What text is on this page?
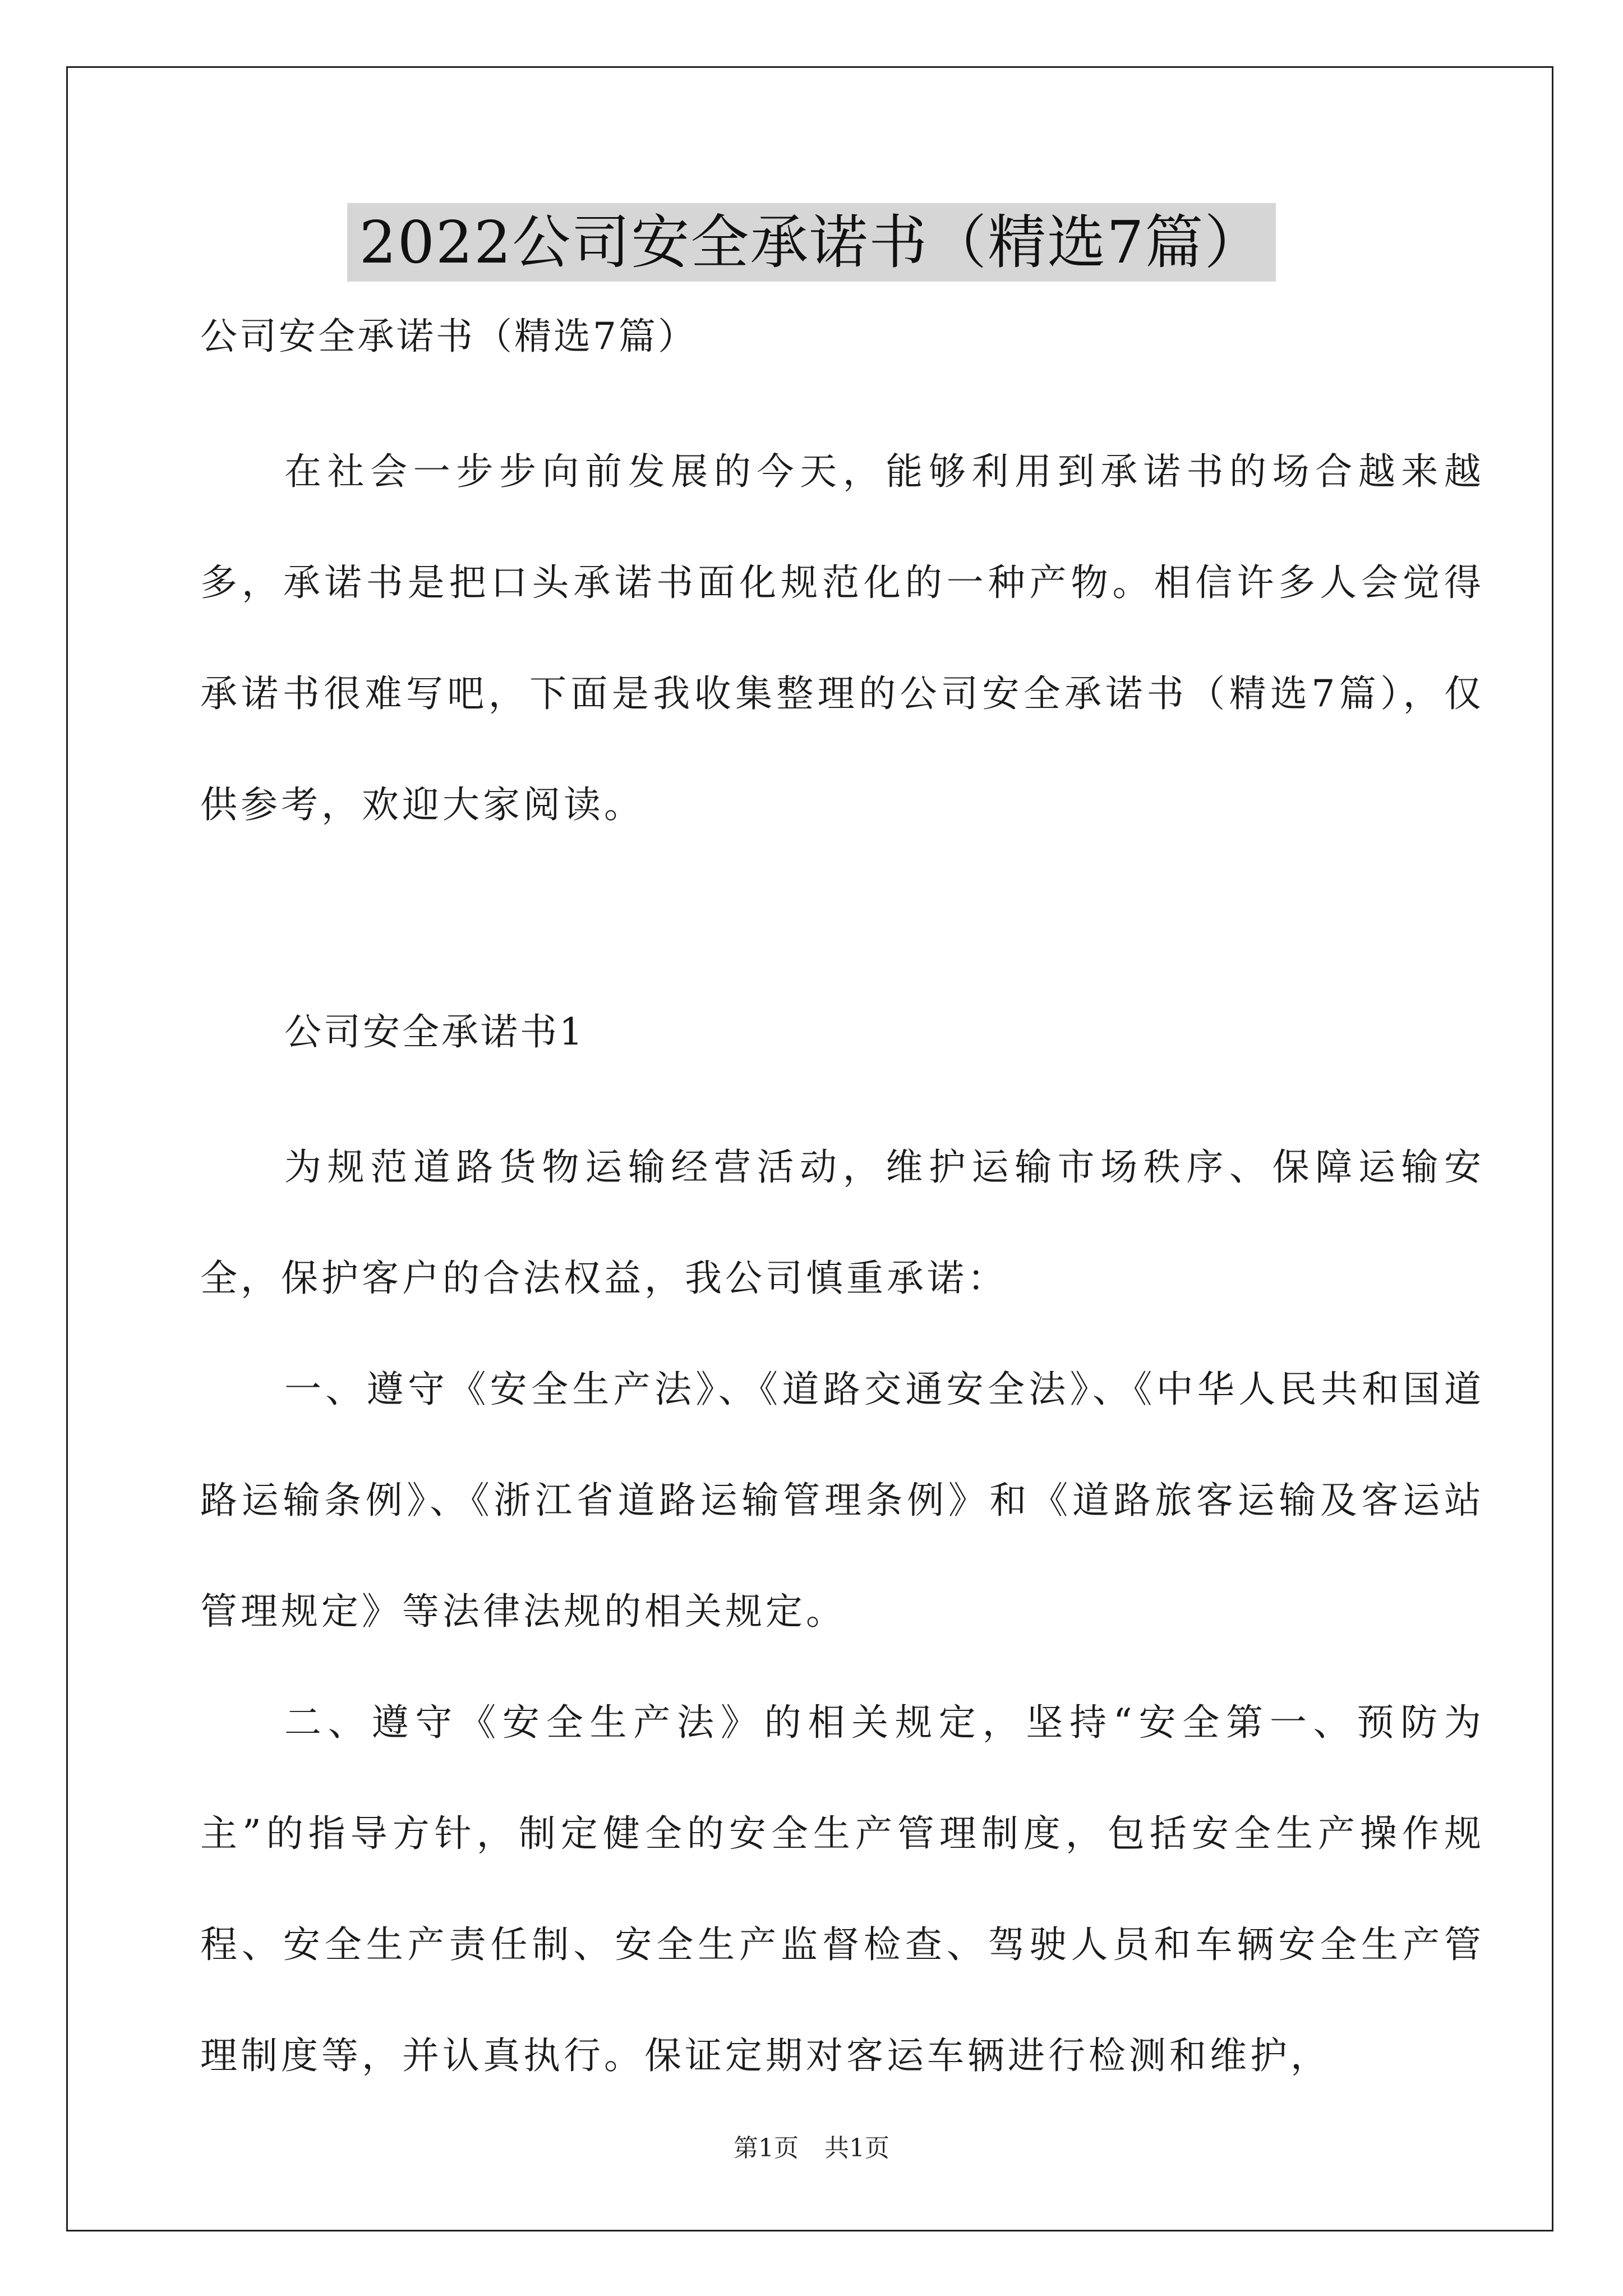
2022公司安全承诺书（精选7篇）

公司安全承诺书（精选7篇）

在社会一步步向前发展的今天，能够利用到承诺书的场合越来越多，承诺书是把口头承诺书面化规范化的一种产物。相信许多人会觉得承诺书很难写吧，下面是我收集整理的公司安全承诺书（精选7篇），仅供参考，欢迎大家阅读。

公司安全承诺书1

为规范道路货物运输经营活动，维护运输市场秩序、保障运输安全，保护客户的合法权益，我公司慎重承诺：

一、遵守《安全生产法》、《道路交通安全法》、《中华人民共和国道路运输条例》、《浙江省道路运输管理条例》和《道路旅客运输及客运站管理规定》等法律法规的相关规定。

二、遵守《安全生产法》的相关规定，坚持“安全第一、预防为主”的指导方针，制定健全的安全生产管理制度，包括安全生产操作规程、安全生产责任制、安全生产监督检查、驾驶人员和车辆安全生产管理制度等，并认真执行。保证定期对客运车辆进行检测和维护，

第1页 共1页
